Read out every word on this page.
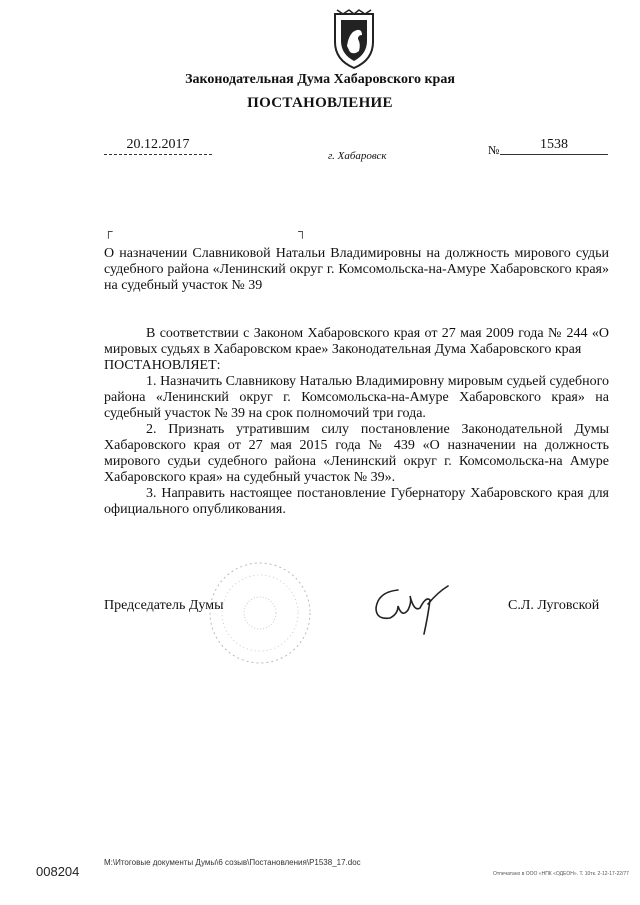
Законодательная Дума Хабаровского края
ПОСТАНОВЛЕНИЕ
20.12.2017
г. Хабаровск	№	1538
┌	┐
О назначении Славниковой Натальи Владимировны на должность мирового судьи судебного района «Ленинский округ г. Комсомольска-на-Амуре Хабаровского края» на судебный участок № 39

В соответствии с Законом Хабаровского края от 27 мая 2009 года № 244 «О мировых судьях в Хабаровском крае» Законодательная Дума Хабаровского края

ПОСТАНОВЛЯЕТ:

1. Назначить Славникову Наталью Владимировну мировым судьей судебного района «Ленинский округ г. Комсомольска-на-Амуре Хабаровского края» на судебный участок № 39 на срок полномочий три года.

2. Признать утратившим силу постановление Законодательной Думы Хабаровского края от 27 мая 2015 года № 439 «О назначении на должность мирового судьи судебного района «Ленинский округ г. Комсомольска-на Амуре Хабаровского края» на судебный участок № 39».

3. Направить настоящее постановление Губернатору Хабаровского края для официального опубликования.

Председатель Думы	С.Л. Луговской
008204
М:\Итоговые документы Думы\6 созыв\Постановления\Р1538_17.doc
Отпечатано в ООО «НПК «ОДЕОН». Т. 10тк. 2-12-17-22/77
